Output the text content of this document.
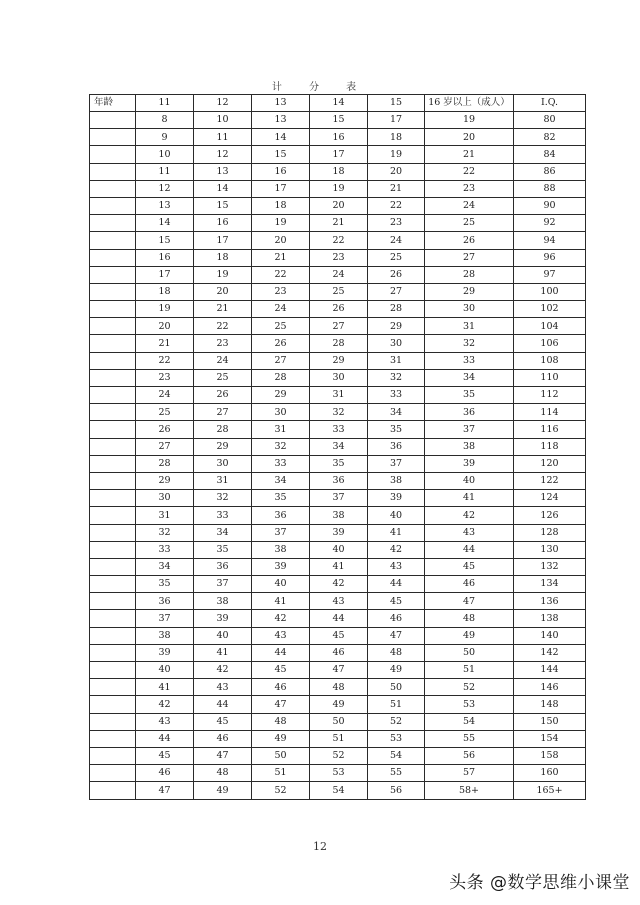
计 分 表
年龄	11	12	13	14	15	16 岁以上（成人）	I.Q.
	8	10	13	15	17	19	80
	9	11	14	16	18	20	82
	10	12	15	17	19	21	84
	11	13	16	18	20	22	86
	12	14	17	19	21	23	88
	13	15	18	20	22	24	90
	14	16	19	21	23	25	92
	15	17	20	22	24	26	94
	16	18	21	23	25	27	96
	17	19	22	24	26	28	97
	18	20	23	25	27	29	100
	19	21	24	26	28	30	102
	20	22	25	27	29	31	104
	21	23	26	28	30	32	106
	22	24	27	29	31	33	108
	23	25	28	30	32	34	110
	24	26	29	31	33	35	112
	25	27	30	32	34	36	114
	26	28	31	33	35	37	116
	27	29	32	34	36	38	118
	28	30	33	35	37	39	120
	29	31	34	36	38	40	122
	30	32	35	37	39	41	124
	31	33	36	38	40	42	126
	32	34	37	39	41	43	128
	33	35	38	40	42	44	130
	34	36	39	41	43	45	132
	35	37	40	42	44	46	134
	36	38	41	43	45	47	136
	37	39	42	44	46	48	138
	38	40	43	45	47	49	140
	39	41	44	46	48	50	142
	40	42	45	47	49	51	144
	41	43	46	48	50	52	146
	42	44	47	49	51	53	148
	43	45	48	50	52	54	150
	44	46	49	51	53	55	154
	45	47	50	52	54	56	158
	46	48	51	53	55	57	160
	47	49	52	54	56	58+	165+
12
头条 @数学思维小课堂
